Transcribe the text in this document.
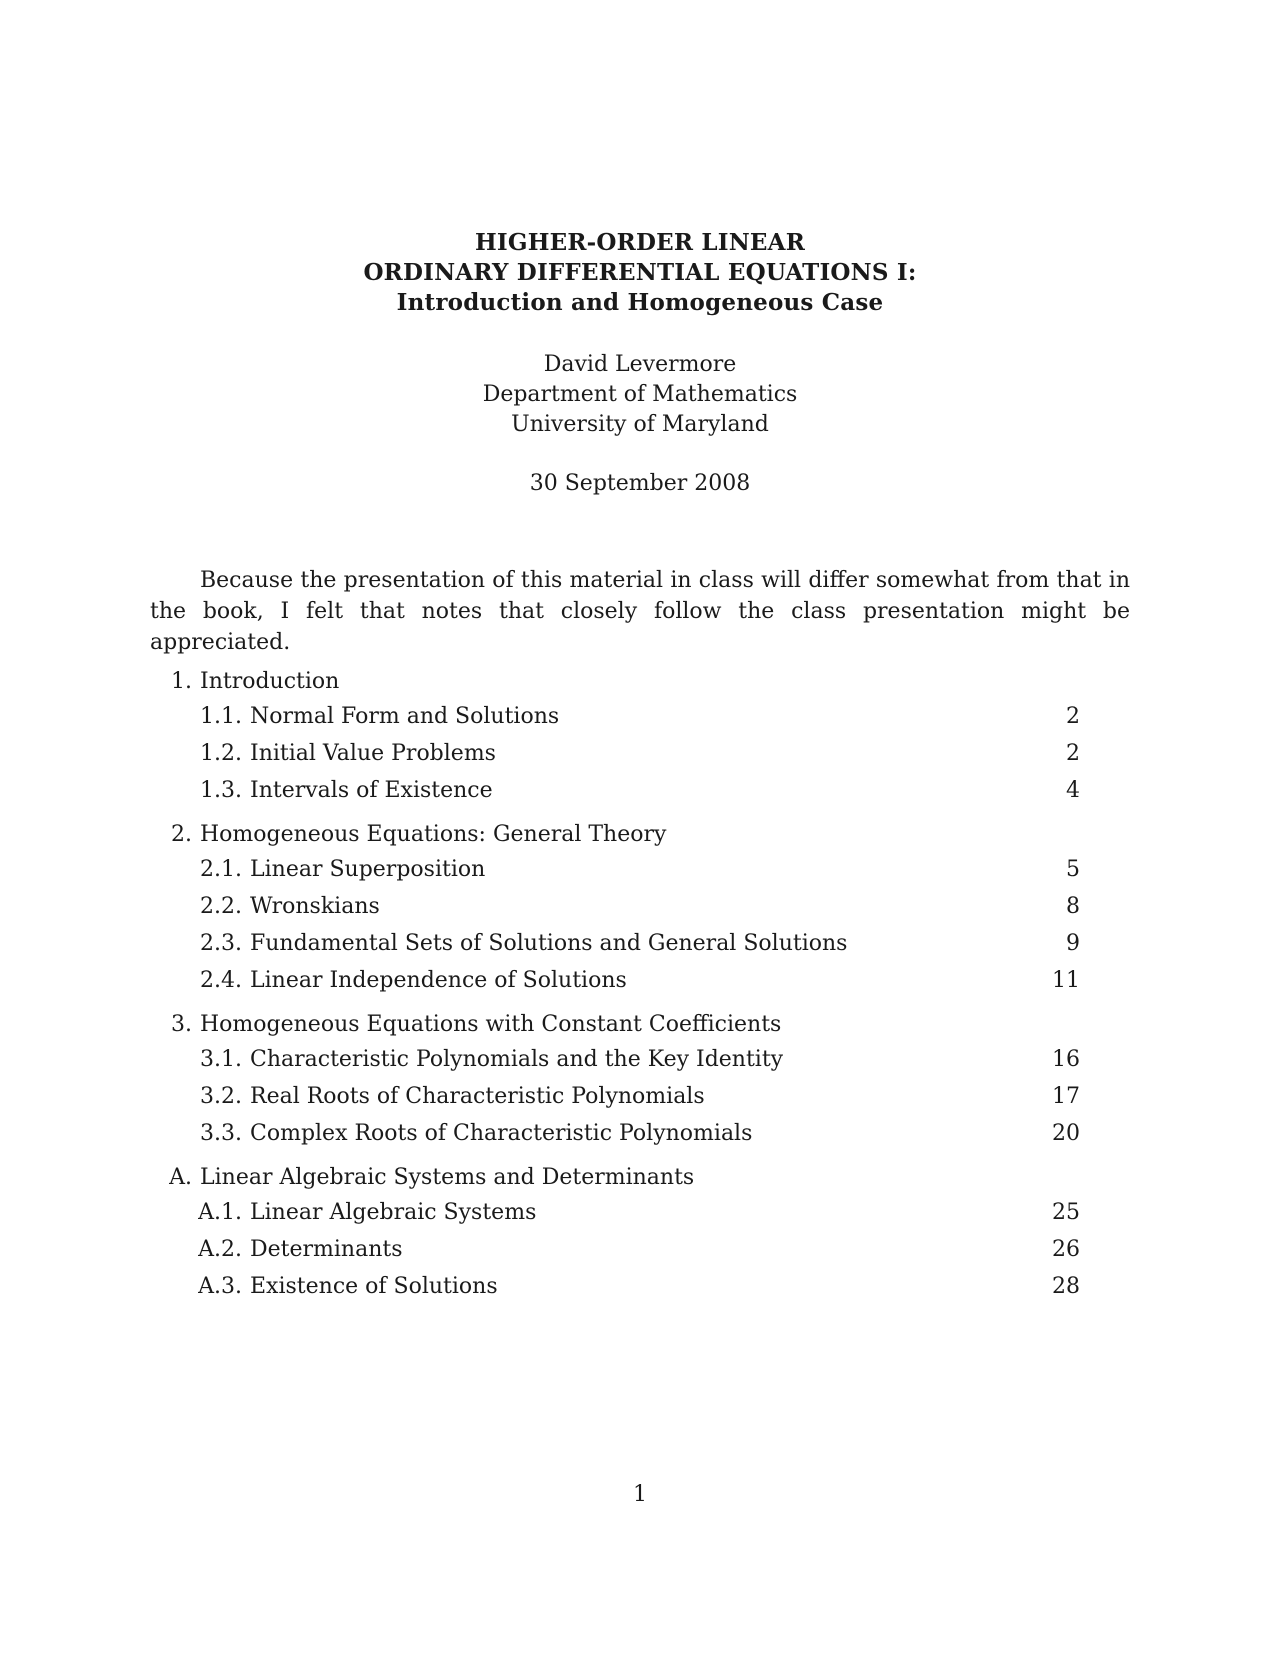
HIGHER-ORDER LINEAR
ORDINARY DIFFERENTIAL EQUATIONS I:
Introduction and Homogeneous Case
David Levermore
Department of Mathematics
University of Maryland
30 September 2008
Because the presentation of this material in class will differ somewhat from that in the book, I felt that notes that closely follow the class presentation might be appreciated.
1. Introduction
1.1. Normal Form and Solutions	2
1.2. Initial Value Problems	2
1.3. Intervals of Existence	4
2. Homogeneous Equations: General Theory
2.1. Linear Superposition	5
2.2. Wronskians	8
2.3. Fundamental Sets of Solutions and General Solutions	9
2.4. Linear Independence of Solutions	11
3. Homogeneous Equations with Constant Coefficients
3.1. Characteristic Polynomials and the Key Identity	16
3.2. Real Roots of Characteristic Polynomials	17
3.3. Complex Roots of Characteristic Polynomials	20
A. Linear Algebraic Systems and Determinants
A.1. Linear Algebraic Systems	25
A.2. Determinants	26
A.3. Existence of Solutions	28
1
